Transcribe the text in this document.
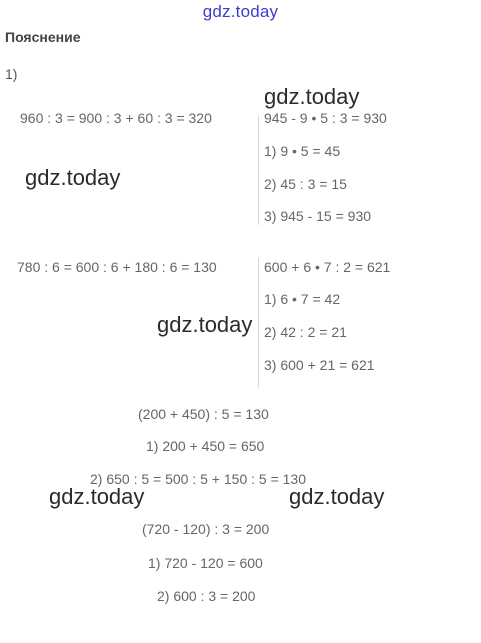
gdz.today
Пояснение
1)
960 : 3 = 900 : 3 + 60 : 3 = 320	945 - 9 • 5 : 3 = 930
1) 9 • 5 = 45
2) 45 : 3 = 15
3) 945 - 15 = 930
780 : 6 = 600 : 6 + 180 : 6 = 130	600 + 6 • 7 : 2 = 621
1) 6 • 7 = 42
2) 42 : 2 = 21
3) 600 + 21 = 621
(200 + 450) : 5 = 130
1) 200 + 450 = 650
2) 650 : 5 = 500 : 5 + 150 : 5 = 130
(720 - 120) : 3 = 200
1) 720 - 120 = 600
2) 600 : 3 = 200
gdz.today
gdz.today
gdz.today
gdz.today	gdz.today
